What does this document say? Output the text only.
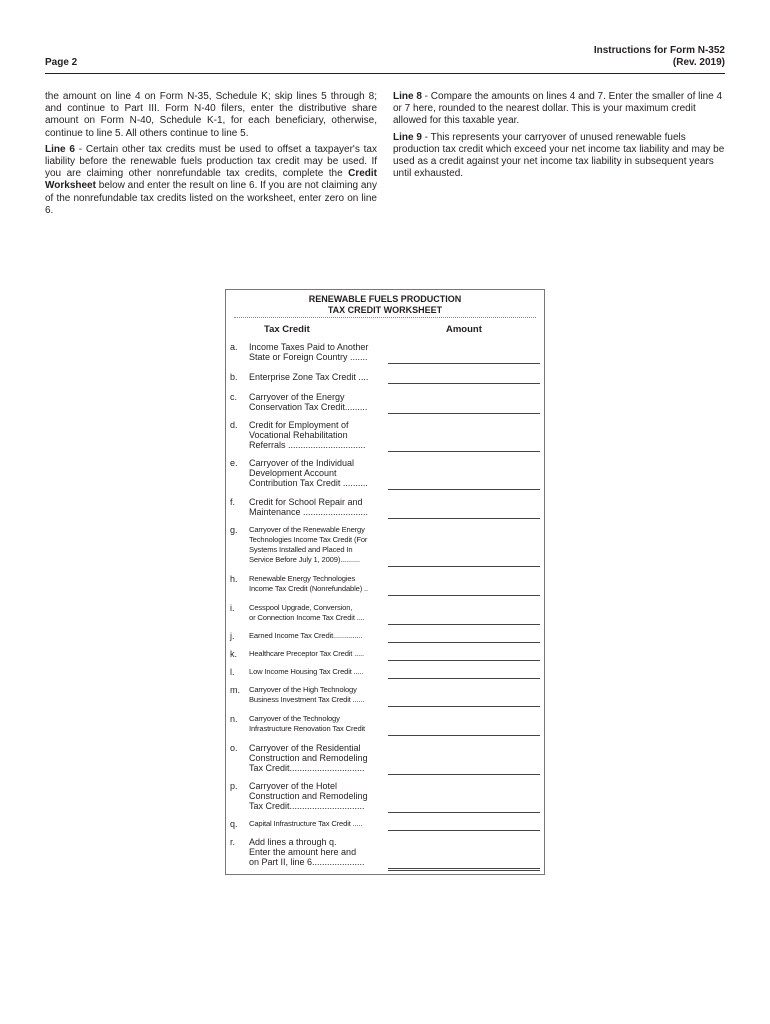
Page 2
Instructions for Form N-352
(Rev. 2019)

the amount on line 4 on Form N-35, Schedule K; skip lines 5 through 8; and continue to Part III. Form N-40 filers, enter the distributive share amount on Form N-40, Schedule K-1, for each beneficiary, otherwise, continue to line 5. All others continue to line 5.

Line 6 - Certain other tax credits must be used to offset a taxpayer's tax liability before the renewable fuels production tax credit may be used. If you are claiming other nonrefundable tax credits, complete the Credit Worksheet below and enter the result on line 6. If you are not claiming any of the nonrefundable tax credits listed on the worksheet, enter zero on line 6.

Line 8 - Compare the amounts on lines 4 and 7. Enter the smaller of line 4 or 7 here, rounded to the nearest dollar. This is your maximum credit allowed for this taxable year.

Line 9 - This represents your carryover of unused renewable fuels production tax credit which exceed your net income tax liability and may be used as a credit against your net income tax liability in subsequent years until exhausted.

RENEWABLE FUELS PRODUCTION
TAX CREDIT WORKSHEET
Tax Credit	Amount
a. Income Taxes Paid to Another
State or Foreign Country .......
b. Enterprise Zone Tax Credit ....
c. Carryover of the Energy
Conservation Tax Credit.........
d. Credit for Employment of
Vocational Rehabilitation
Referrals ...............................
e. Carryover of the Individual
Development Account
Contribution Tax Credit ..........
f. Credit for School Repair and
Maintenance ..........................
g. Carryover of the Renewable Energy
Technologies Income Tax Credit (For
Systems Installed and Placed In
Service Before July 1, 2009)..........
h. Renewable Energy Technologies
Income Tax Credit (Nonrefundable) ..
i. Cesspool Upgrade, Conversion,
or Connection Income Tax Credit ....
j. Earned Income Tax Credit...............
k. Healthcare Preceptor Tax Credit .....
l. Low Income Housing Tax Credit .....
m. Carryover of the High Technology
Business Investment Tax Credit ......
n. Carryover of the Technology
Infrastructure Renovation Tax Credit
o. Carryover of the Residential
Construction and Remodeling
Tax Credit..............................
p. Carryover of the Hotel
Construction and Remodeling
Tax Credit..............................
q. Capital Infrastructure Tax Credit .....
r. Add lines a through q.
Enter the amount here and
on Part II, line 6.....................
